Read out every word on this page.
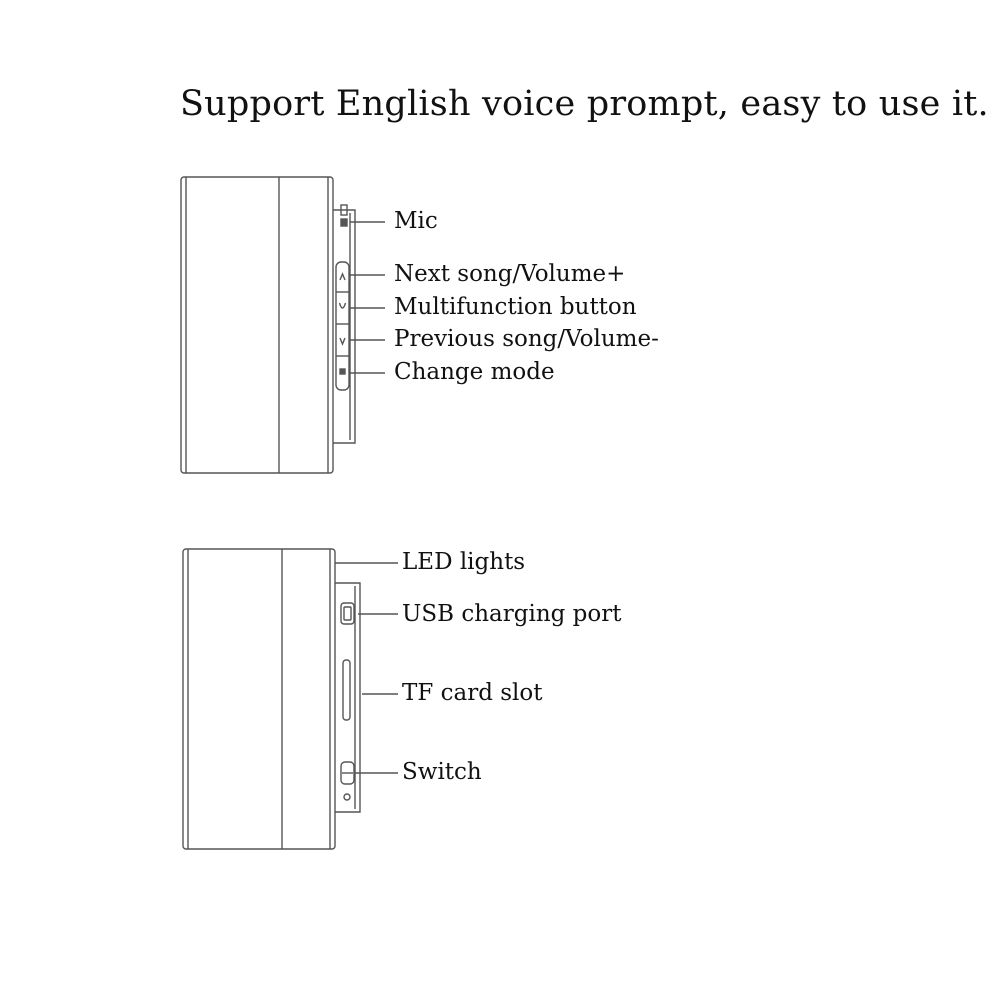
Support English voice prompt, easy to use it.
Mic
Next song/Volume+
Multifunction button
Previous song/Volume-
Change mode
LED lights
USB charging port
TF card slot
Switch
